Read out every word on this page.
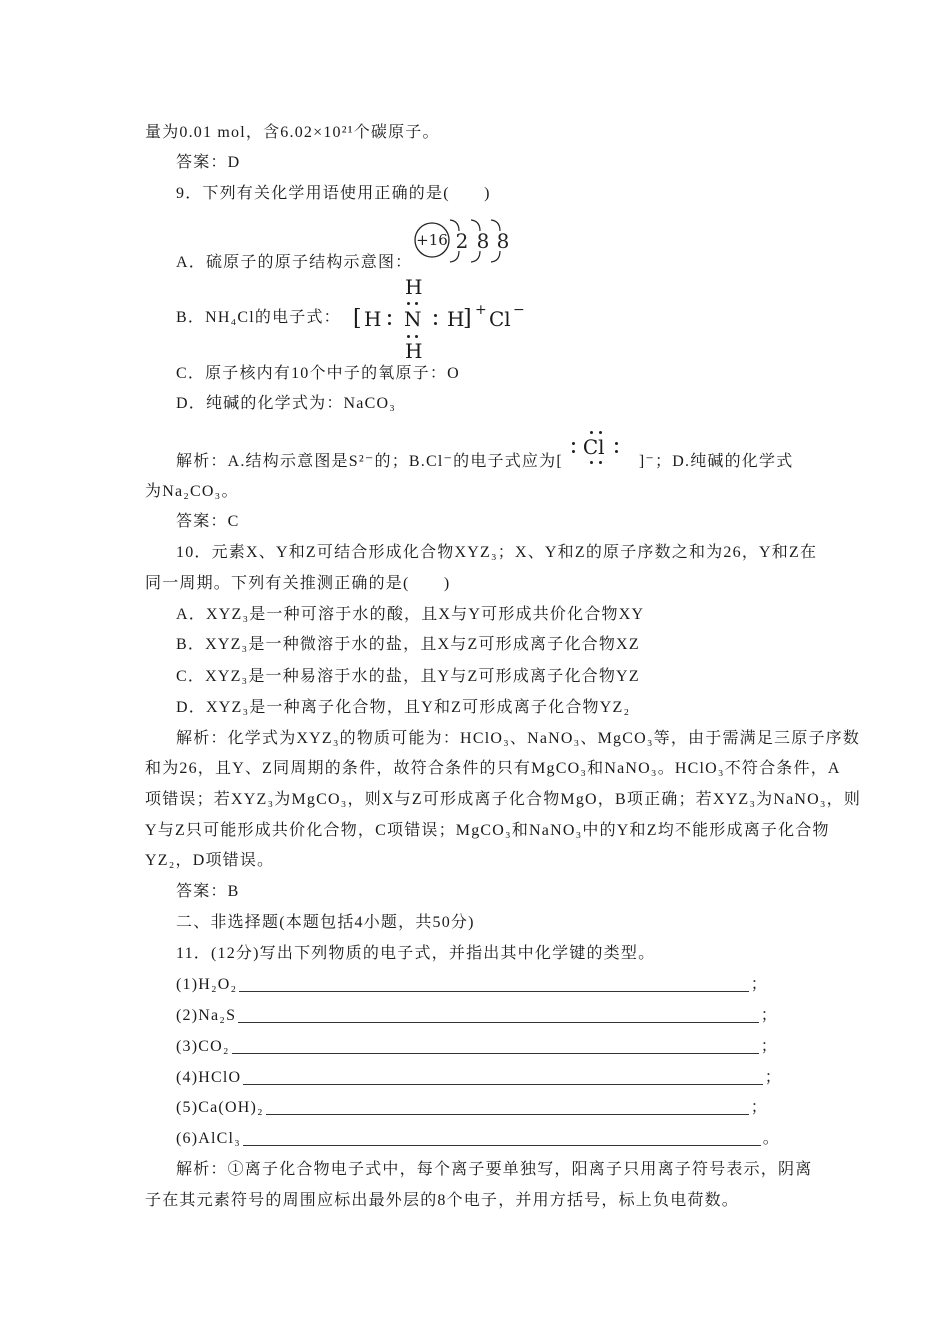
量为0.01 mol，含6.02×10²¹个碳原子。
答案：D
9．下列有关化学用语使用正确的是(　　)
+16 2 8 8
A．硫原子的原子结构示意图：
H
[ H N H
] + Cl −
H
B．NH₄Cl的电子式：
C．原子核内有10个中子的氧原子：O
D．纯碱的化学式为：NaCO₃
解析：A.结构示意图是S²⁻的；B.Cl⁻的电子式应为[
Cl
]⁻；D.纯碱的化学式
为Na₂CO₃。
答案：C
10．元素X、Y和Z可结合形成化合物XYZ₃；X、Y和Z的原子序数之和为26，Y和Z在
同一周期。下列有关推测正确的是(　　)
A．XYZ₃是一种可溶于水的酸，且X与Y可形成共价化合物XY
B．XYZ₃是一种微溶于水的盐，且X与Z可形成离子化合物XZ
C．XYZ₃是一种易溶于水的盐，且Y与Z可形成离子化合物YZ
D．XYZ₃是一种离子化合物，且Y和Z可形成离子化合物YZ₂
解析：化学式为XYZ₃的物质可能为：HClO₃、NaNO₃、MgCO₃等，由于需满足三原子序数
和为26，且Y、Z同周期的条件，故符合条件的只有MgCO₃和NaNO₃。HClO₃不符合条件，A
项错误；若XYZ₃为MgCO₃，则X与Z可形成离子化合物MgO，B项正确；若XYZ₃为NaNO₃，则
Y与Z只可能形成共价化合物，C项错误；MgCO₃和NaNO₃中的Y和Z均不能形成离子化合物
YZ₂，D项错误。
答案：B
二、非选择题(本题包括4小题，共50分)
11．(12分)写出下列物质的电子式，并指出其中化学键的类型。
(1)H₂O₂	；
(2)Na₂S	；
(3)CO₂	；
(4)HClO	；
(5)Ca(OH)₂	；
(6)AlCl₃	。
解析：①离子化合物电子式中，每个离子要单独写，阳离子只用离子符号表示，阴离
子在其元素符号的周围应标出最外层的8个电子，并用方括号，标上负电荷数。
